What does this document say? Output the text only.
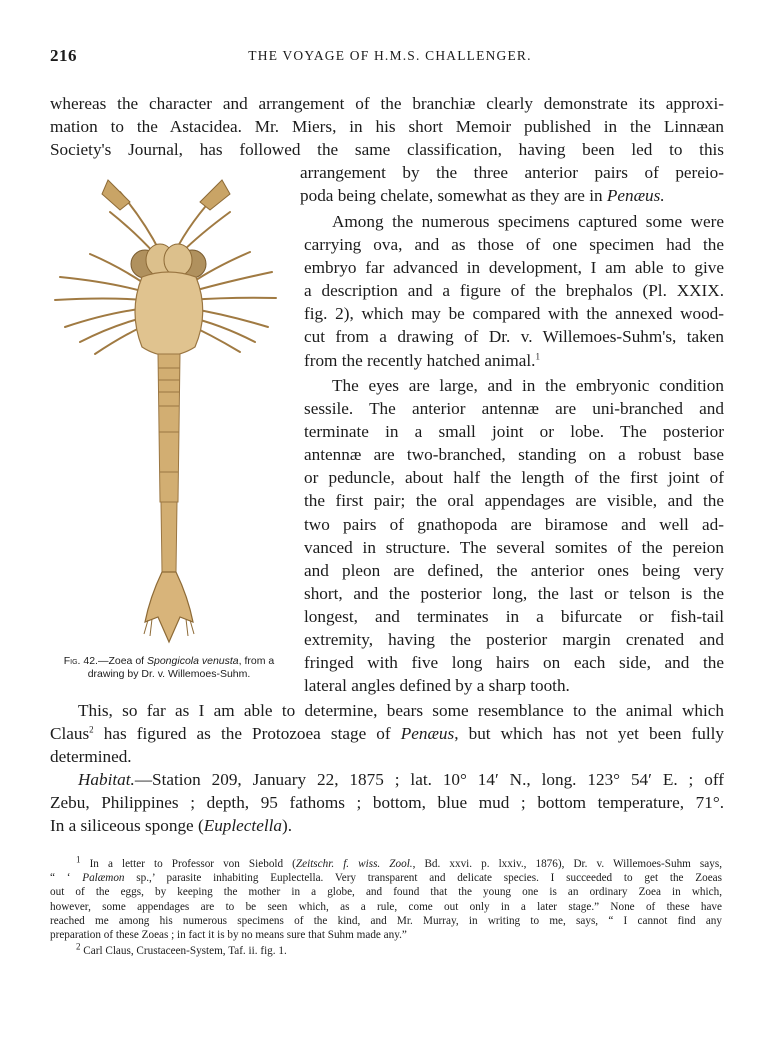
216	THE VOYAGE OF H.M.S. CHALLENGER.
whereas the character and arrangement of the branchiæ clearly demonstrate its approxi-
mation to the Astacidea. Mr. Miers, in his short Memoir published in the Linnæan
Society's Journal, has followed the same classification, having been led to this
arrangement by the three anterior pairs of pereio-
poda being chelate, somewhat as they are in Penæus.
Among the numerous specimens captured some were
carrying ova, and as those of one specimen had the
embryo far advanced in development, I am able to give
a description and a figure of the brephalos (Pl. XXIX.
fig. 2), which may be compared with the annexed wood-
cut from a drawing of Dr. v. Willemoes-Suhm's, taken
from the recently hatched animal.$^1$
The eyes are large, and in the embryonic condition
sessile. The anterior antennæ are uni-branched and
terminate in a small joint or lobe. The posterior
antennæ are two-branched, standing on a robust base
or peduncle, about half the length of the first joint of
the first pair; the oral appendages are visible, and the
two pairs of gnathopoda are biramose and well ad-
vanced in structure. The several somites of the pereion
and pleon are defined, the anterior ones being very
short, and the posterior long, the last or telson is the
longest, and terminates in a bifurcate or fish-tail
extremity, having the posterior margin crenated and
fringed with five long hairs on each side, and the
lateral angles defined by a sharp tooth.
Fig. 42.—Zoea of Spongicola venusta, from a drawing by Dr. v. Willemoes-Suhm.
This, so far as I am able to determine, bears some resemblance to the animal which
Claus$^2$ has figured as the Protozoea stage of Penæus, but which has not yet been fully
determined.
Habitat.—Station 209, January 22, 1875 ; lat. 10° 14′ N., long. 123° 54′ E. ; off
Zebu, Philippines ; depth, 95 fathoms ; bottom, blue mud ; bottom temperature, 71°.
In a siliceous sponge (Euplectella).
$^1$ In a letter to Professor von Siebold (Zeitschr. f. wiss. Zool., Bd. xxvi. p. lxxiv., 1876), Dr. v. Willemoes-Suhm says,
“ ‘ Palæmon sp.,’ parasite inhabiting Euplectella. Very transparent and delicate species. I succeeded to get the Zoeas
out of the eggs, by keeping the mother in a globe, and found that the young one is an ordinary Zoea in which,
however, some appendages are to be seen which, as a rule, come out only in a later stage.” None of these have
reached me among his numerous specimens of the kind, and Mr. Murray, in writing to me, says, “ I cannot find any
preparation of these Zoeas ; in fact it is by no means sure that Suhm made any.”
$^2$ Carl Claus, Crustaceen-System, Taf. ii. fig. 1.
